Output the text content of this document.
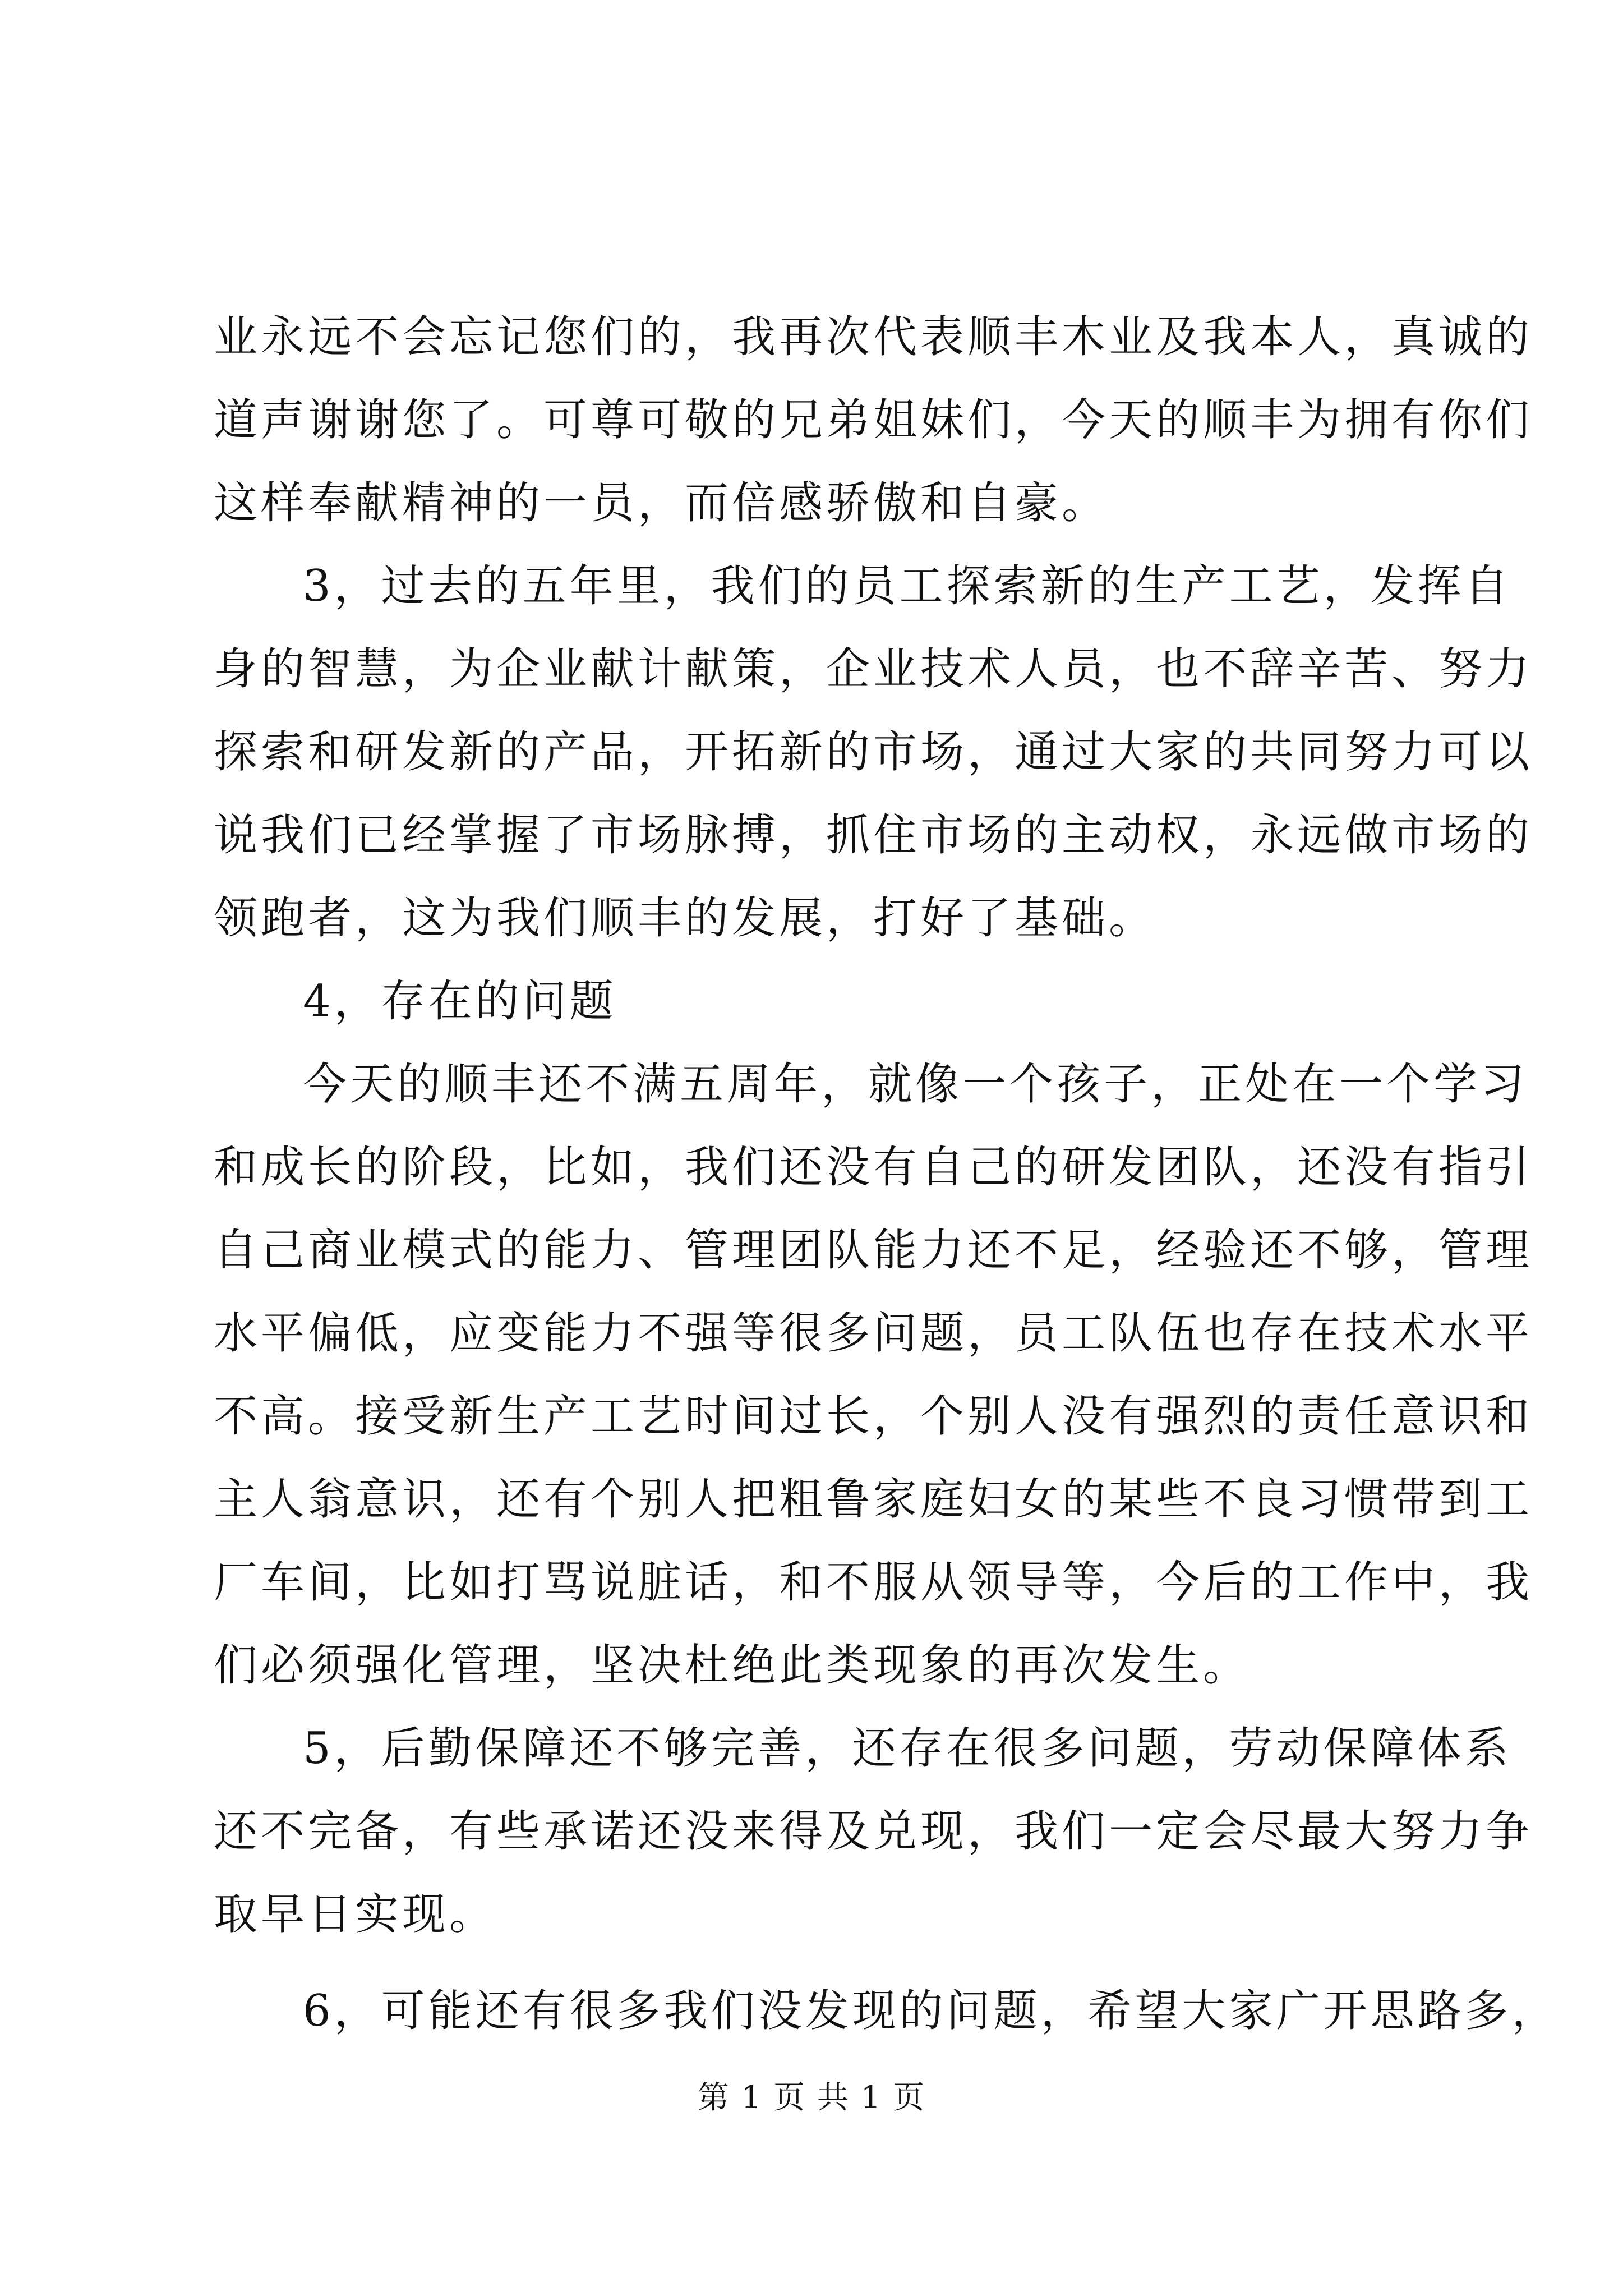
业永远不会忘记您们的，我再次代表顺丰木业及我本人，真诚的
道声谢谢您了。可尊可敬的兄弟姐妹们，今天的顺丰为拥有你们
这样奉献精神的一员，而倍感骄傲和自豪。
3，过去的五年里，我们的员工探索新的生产工艺，发挥自
身的智慧，为企业献计献策，企业技术人员，也不辞辛苦、努力
探索和研发新的产品，开拓新的市场，通过大家的共同努力可以
说我们已经掌握了市场脉搏，抓住市场的主动权，永远做市场的
领跑者，这为我们顺丰的发展，打好了基础。
4，存在的问题
今天的顺丰还不满五周年，就像一个孩子，正处在一个学习
和成长的阶段，比如，我们还没有自己的研发团队，还没有指引
自己商业模式的能力、管理团队能力还不足，经验还不够，管理
水平偏低，应变能力不强等很多问题，员工队伍也存在技术水平
不高。接受新生产工艺时间过长，个别人没有强烈的责任意识和
主人翁意识，还有个别人把粗鲁家庭妇女的某些不良习惯带到工
厂车间，比如打骂说脏话，和不服从领导等，今后的工作中，我
们必须强化管理，坚决杜绝此类现象的再次发生。
5，后勤保障还不够完善，还存在很多问题，劳动保障体系
还不完备，有些承诺还没来得及兑现，我们一定会尽最大努力争
取早日实现。
6，可能还有很多我们没发现的问题，希望大家广开思路多，
第 1 页 共 1 页
